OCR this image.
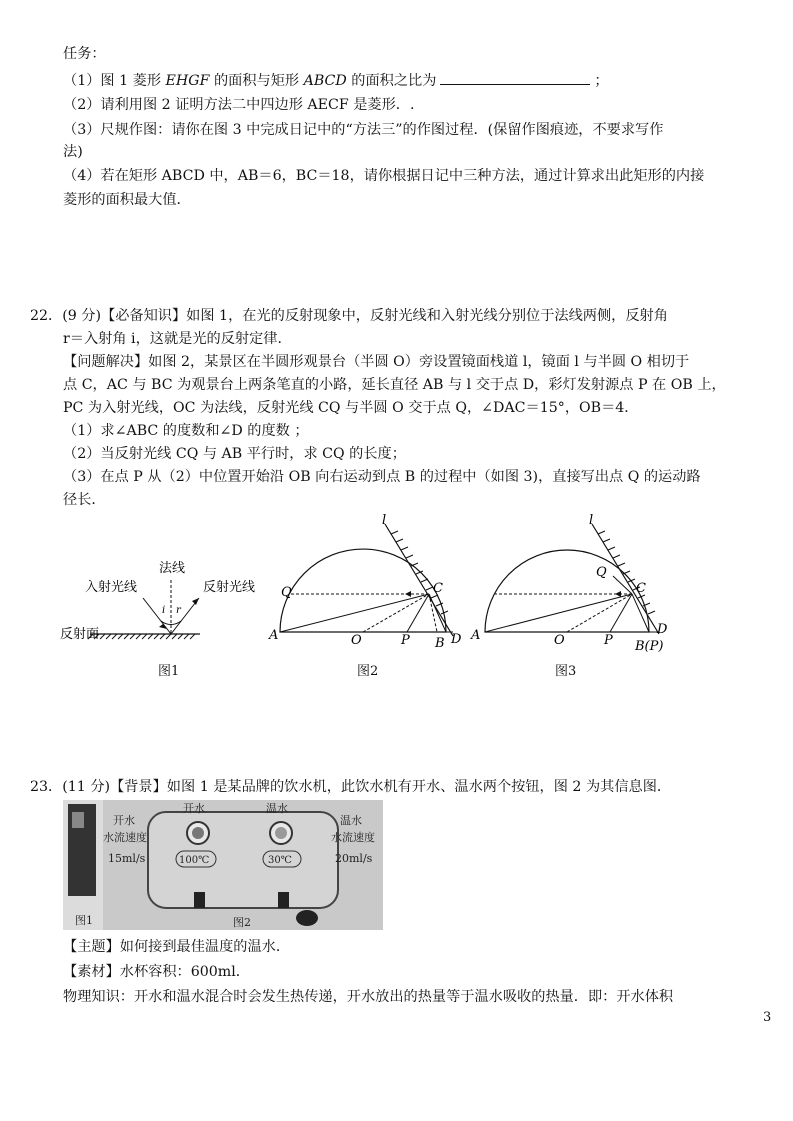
任务：
（1）图 1 菱形 EHGF 的面积与矩形 ABCD 的面积之比为	；
（2）请利用图 2 证明方法二中四边形 AECF 是菱形．.
（3）尺规作图：请你在图 3 中完成日记中的“方法三”的作图过程．(保留作图痕迹，不要求写作
法)
（4）若在矩形 ABCD 中，AB＝6，BC＝18，请你根据日记中三种方法，通过计算求出此矩形的内接
菱形的面积最大值．
22．(9 分)【必备知识】如图 1，在光的反射现象中，反射光线和入射光线分别位于法线两侧，反射角
r＝入射角 i，这就是光的反射定律．
【问题解决】如图 2，某景区在半圆形观景台（半圆 O）旁设置镜面栈道 l，镜面 l 与半圆 O 相切于
点 C，AC 与 BC 为观景台上两条笔直的小路，延长直径 AB 与 l 交于点 D，彩灯发射源点 P 在 OB 上，
PC 为入射光线，OC 为法线，反射光线 CQ 与半圆 O 交于点 Q，∠DAC＝15°，OB＝4．
（1）求∠ABC 的度数和∠D 的度数 ；
（2）当反射光线 CQ 与 AB 平行时，求 CQ 的长度；
（3）在点 P 从（2）中位置开始沿 OB 向右运动到点 B 的过程中（如图 3)，直接写出点 Q 的运动路
径长．
法线
入射光线	反射光线
反射面
i r
图1
Q	C
A	O	P B D
l
图2
Q
C
A	O	P B(P)
D
l
图3
23．(11 分)【背景】如图 1 是某品牌的饮水机，此饮水机有开水、温水两个按钮，图 2 为其信息图．
开水	温水
100℃	30℃
开水
水流速度
15ml/s
温水
水流速度
20ml/s
图1	图2
【主题】如何接到最佳温度的温水．
【素材】水杯容积：600ml．
物理知识：开水和温水混合时会发生热传递，开水放出的热量等于温水吸收的热量．即：开水体积
3
